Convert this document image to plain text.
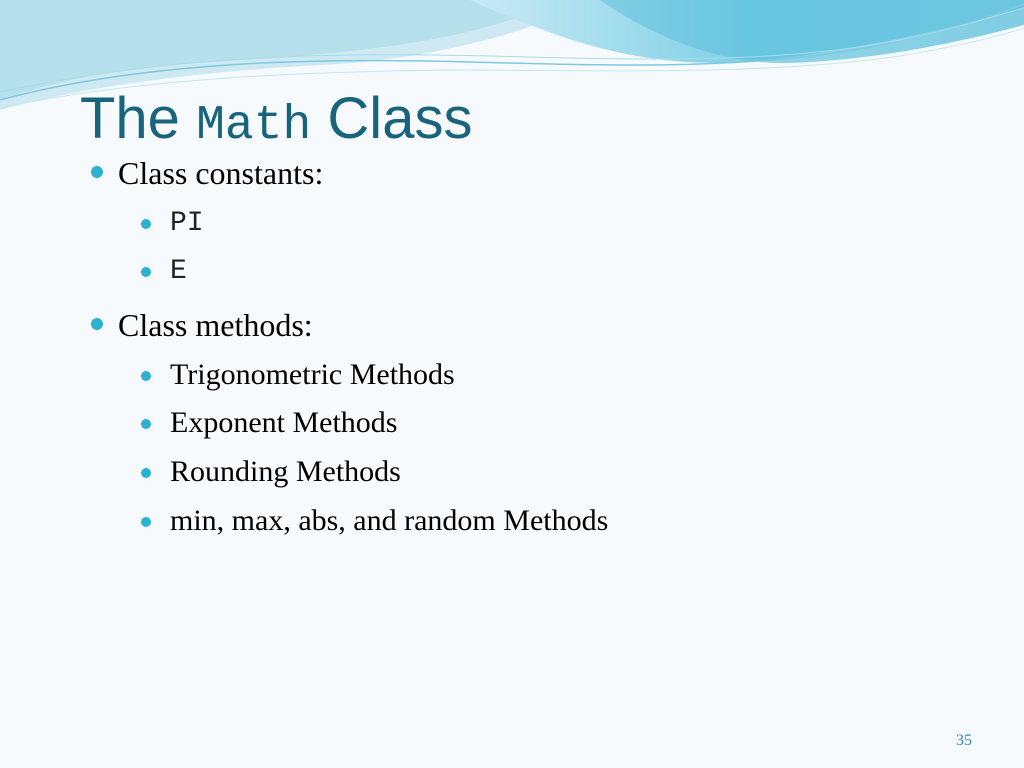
The Math Class
Class constants:
PI
E
Class methods:
Trigonometric Methods
Exponent Methods
Rounding Methods
min, max, abs, and random Methods
35
